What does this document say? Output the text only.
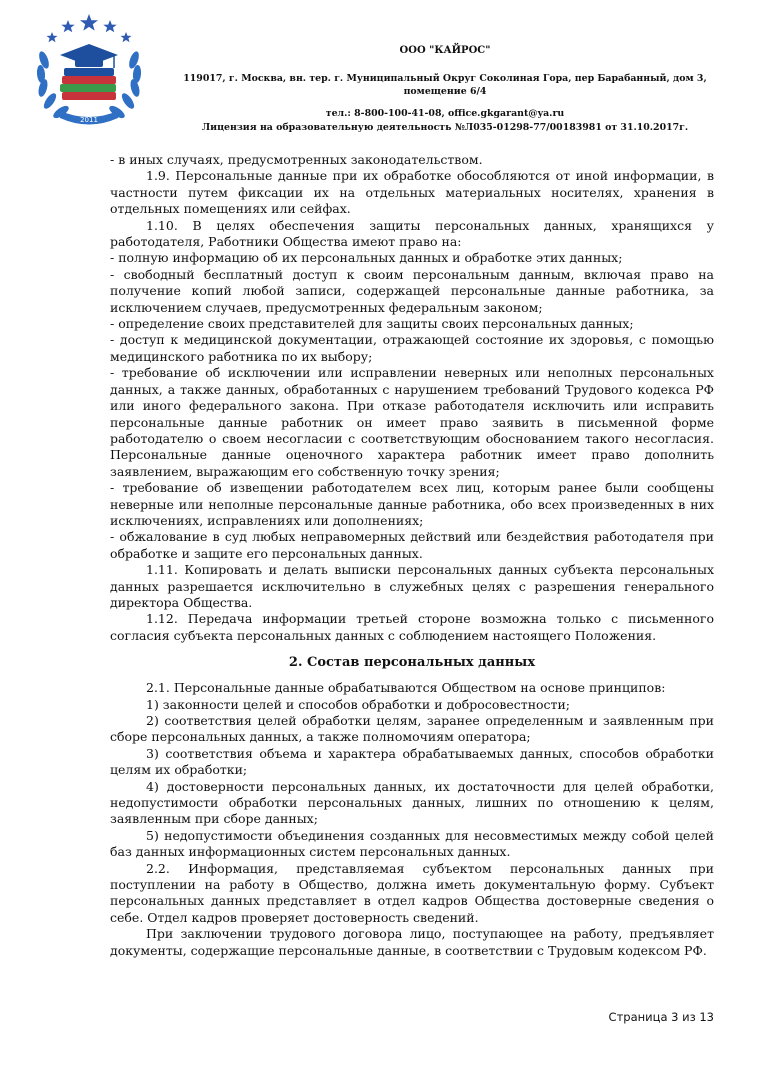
2011
ООО "КАЙРОС"
119017, г. Москва, вн. тер. г. Муниципальный Округ Соколиная Гора, пер Барабанный, дом 3,
помещение 6/4
тел.: 8-800-100-41-08, office.gkgarant@ya.ru
Лицензия на образовательную деятельность №Л035-01298-77/00183981 от 31.10.2017г.

- в иных случаях, предусмотренных законодательством.

1.9. Персональные данные при их обработке обособляются от иной информации, в частности путем фиксации их на отдельных материальных носителях, хранения в отдельных помещениях или сейфах.

1.10. В целях обеспечения защиты персональных данных, хранящихся у работодателя, Работники Общества имеют право на:

- полную информацию об их персональных данных и обработке этих данных;

- свободный бесплатный доступ к своим персональным данным, включая право на получение копий любой записи, содержащей персональные данные работника, за исключением случаев, предусмотренных федеральным законом;

- определение своих представителей для защиты своих персональных данных;

- доступ к медицинской документации, отражающей состояние их здоровья, с помощью медицинского работника по их выбору;

- требование об исключении или исправлении неверных или неполных персональных данных, а также данных, обработанных с нарушением требований Трудового кодекса РФ или иного федерального закона. При отказе работодателя исключить или исправить персональные данные работник он имеет право заявить в письменной форме работодателю о своем несогласии с соответствующим обоснованием такого несогласия. Персональные данные оценочного характера работник имеет право дополнить заявлением, выражающим его собственную точку зрения;

- требование об извещении работодателем всех лиц, которым ранее были сообщены неверные или неполные персональные данные работника, обо всех произведенных в них исключениях, исправлениях или дополнениях;

- обжалование в суд любых неправомерных действий или бездействия работодателя при обработке и защите его персональных данных.

1.11. Копировать и делать выписки персональных данных субъекта персональных данных разрешается исключительно в служебных целях с разрешения генерального директора Общества.

1.12. Передача информации третьей стороне возможна только с письменного согласия субъекта персональных данных с соблюдением настоящего Положения.

2. Состав персональных данных

2.1. Персональные данные обрабатываются Обществом на основе принципов:

1) законности целей и способов обработки и добросовестности;

2) соответствия целей обработки целям, заранее определенным и заявленным при сборе персональных данных, а также полномочиям оператора;

3) соответствия объема и характера обрабатываемых данных, способов обработки целям их обработки;

4) достоверности персональных данных, их достаточности для целей обработки, недопустимости обработки персональных данных, лишних по отношению к целям, заявленным при сборе данных;

5) недопустимости объединения созданных для несовместимых между собой целей баз данных информационных систем персональных данных.

2.2. Информация, представляемая субъектом персональных данных при поступлении на работу в Общество, должна иметь документальную форму. Субъект персональных данных представляет в отдел кадров Общества достоверные сведения о себе. Отдел кадров проверяет достоверность сведений.

При заключении трудового договора лицо, поступающее на работу, предъявляет документы, содержащие персональные данные, в соответствии с Трудовым кодексом РФ.

Страница 3 из 13
